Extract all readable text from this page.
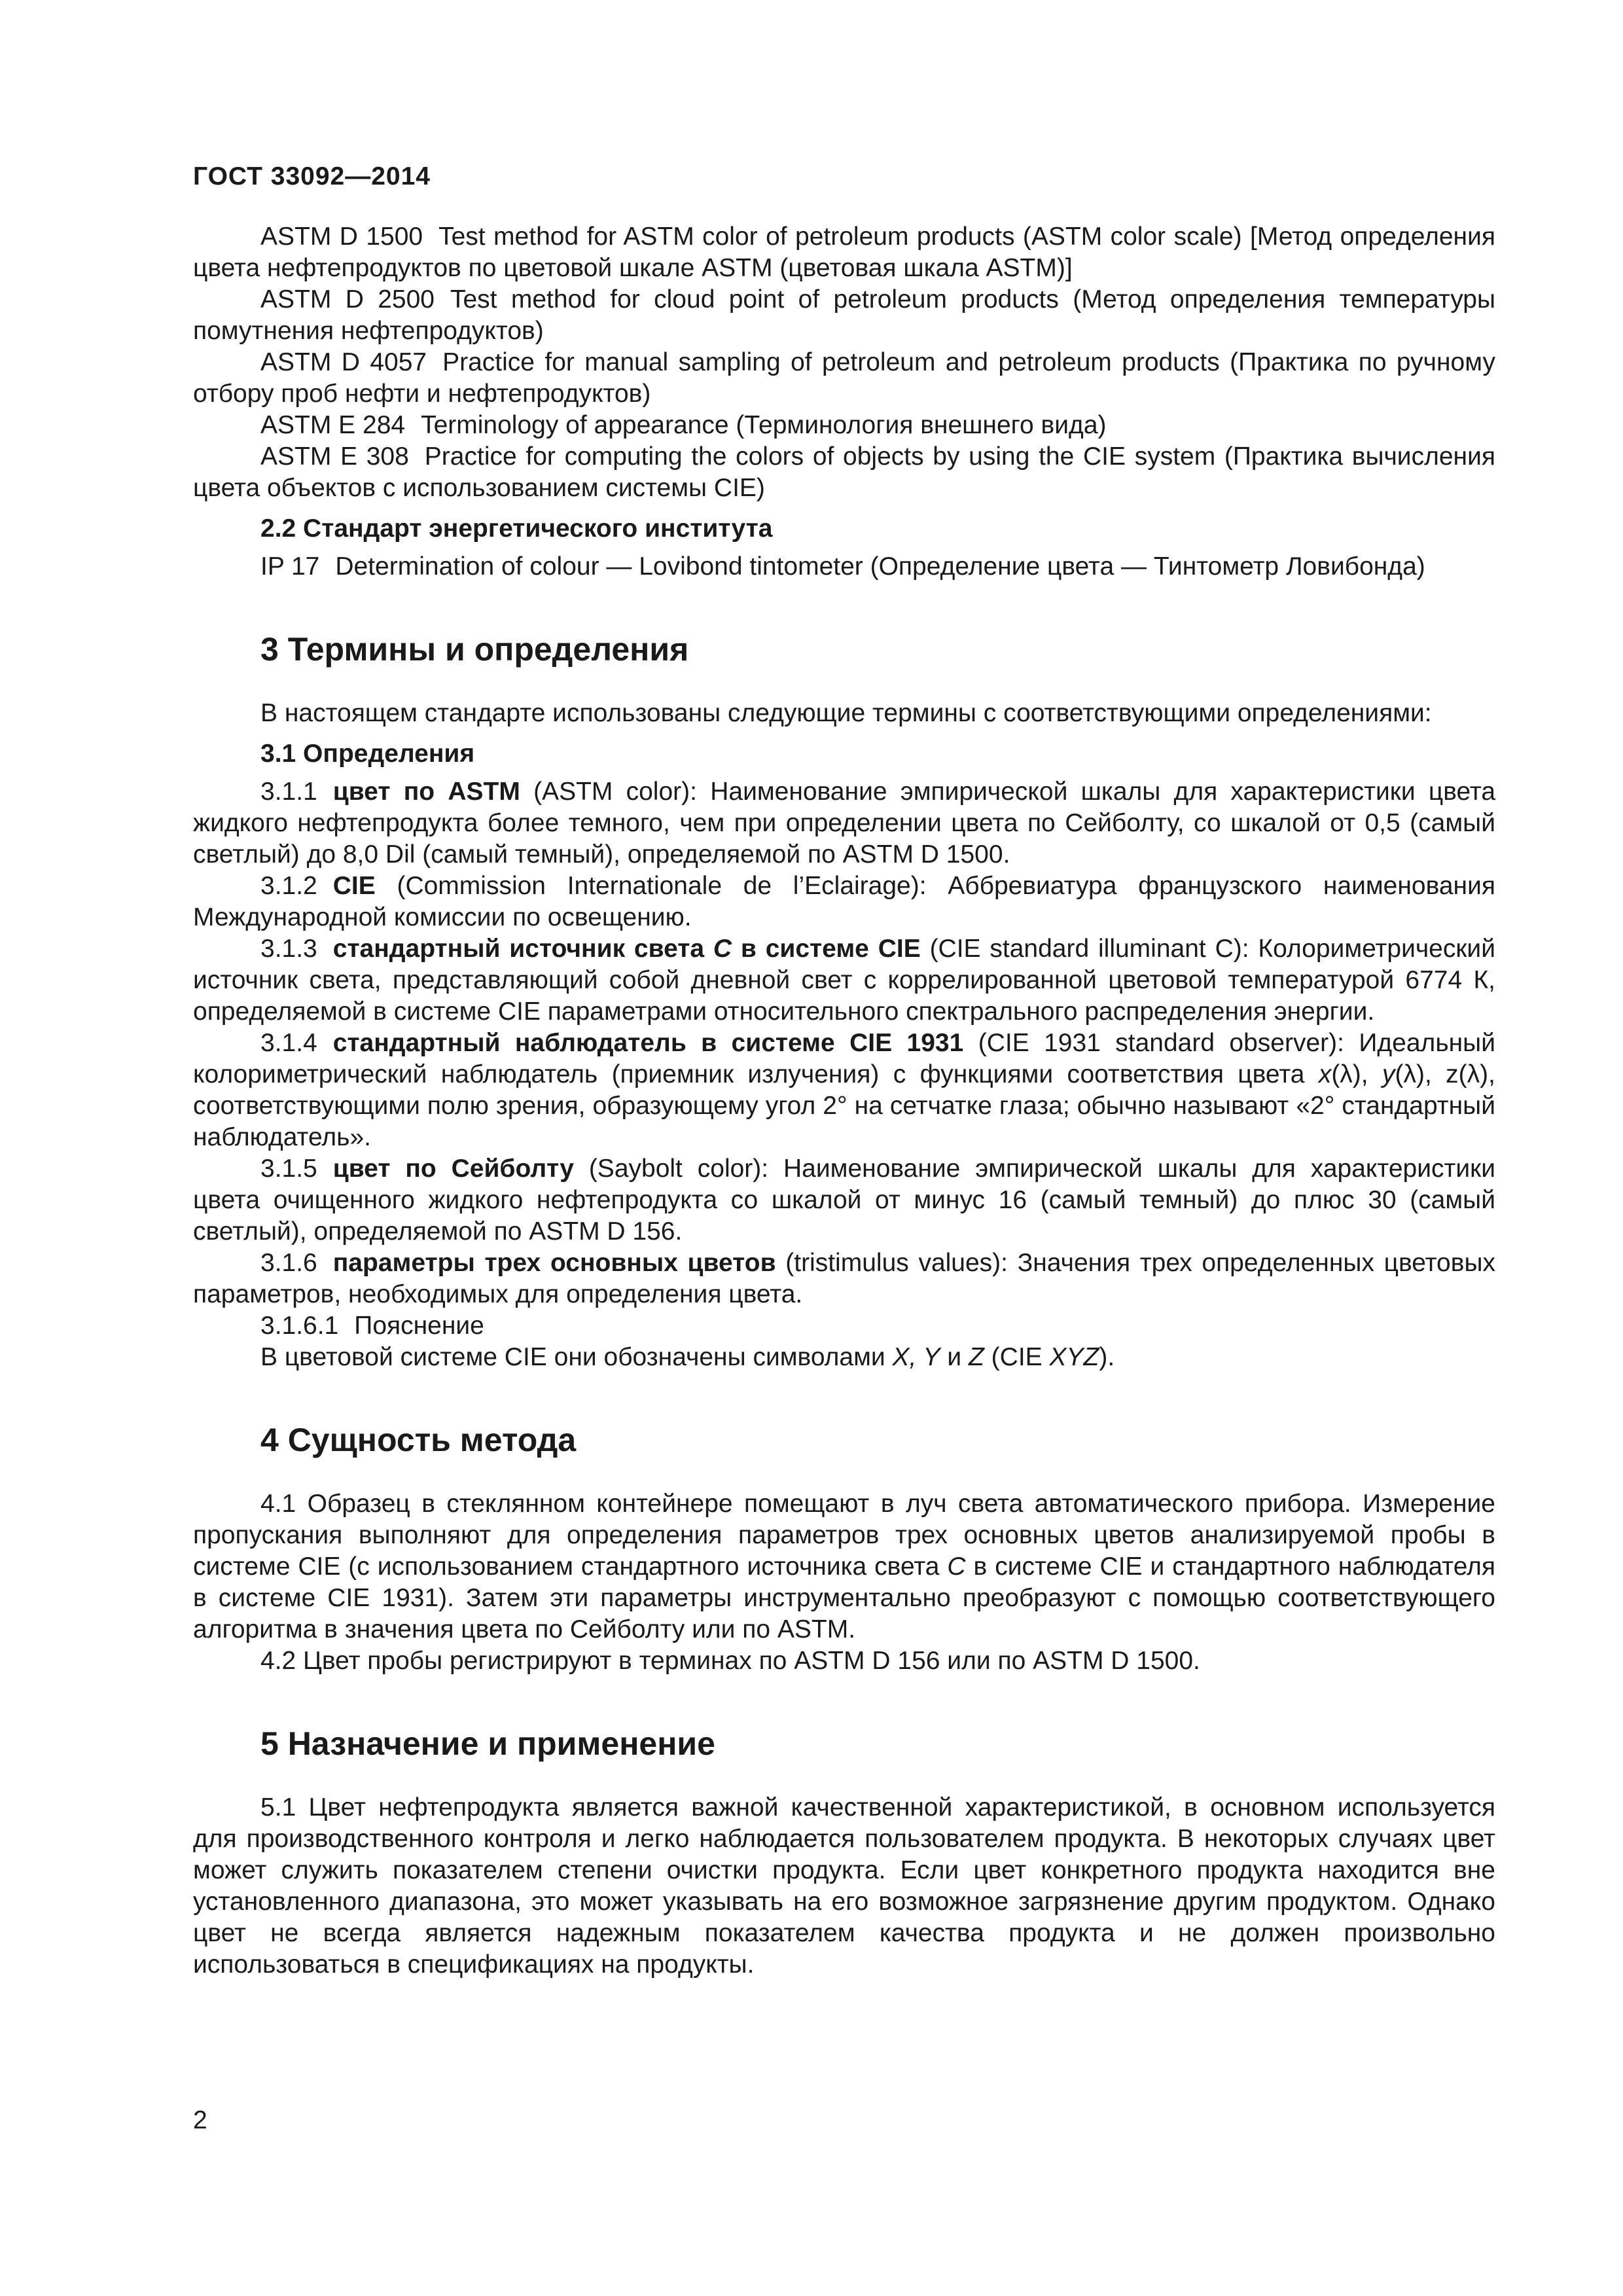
ГОСТ 33092—2014

ASTM D 1500 Test method for ASTM color of petroleum products (ASTM color scale) [Метод определения цвета нефтепродуктов по цветовой шкале ASTM (цветовая шкала ASTM)]

ASTM D 2500 Test method for cloud point of petroleum products (Метод определения температуры помутнения нефтепродуктов)

ASTM D 4057 Practice for manual sampling of petroleum and petroleum products (Практика по ручному отбору проб нефти и нефтепродуктов)

ASTM E 284 Terminology of appearance (Терминология внешнего вида)

ASTM E 308 Practice for computing the colors of objects by using the CIE system (Практика вычисления цвета объектов с использованием системы CIE)

2.2 Стандарт энергетического института

IP 17 Determination of colour — Lovibond tintometer (Определение цвета — Тинтометр Ловибонда)

3 Термины и определения

В настоящем стандарте использованы следующие термины с соответствующими определениями:

3.1 Определения

3.1.1 цвет по ASTM (ASTM color): Наименование эмпирической шкалы для характеристики цвета жидкого нефтепродукта более темного, чем при определении цвета по Сейболту, со шкалой от 0,5 (самый светлый) до 8,0 Dil (самый темный), определяемой по ASTM D 1500.

3.1.2 CIE (Commission Internationale de l’Eclairage): Аббревиатура французского наименования Международной комиссии по освещению.

3.1.3 стандартный источник света C в системе CIE (CIE standard illuminant C): Колориметрический источник света, представляющий собой дневной свет с коррелированной цветовой температурой 6774 К, определяемой в системе CIE параметрами относительного спектрального распределения энергии.

3.1.4 стандартный наблюдатель в системе CIE 1931 (CIE 1931 standard observer): Идеальный колориметрический наблюдатель (приемник излучения) с функциями соответствия цвета x(λ), y(λ), z(λ), соответствующими полю зрения, образующему угол 2° на сетчатке глаза; обычно называют «2° стандартный наблюдатель».

3.1.5 цвет по Сейболту (Saybolt color): Наименование эмпирической шкалы для характеристики цвета очищенного жидкого нефтепродукта со шкалой от минус 16 (самый темный) до плюс 30 (самый светлый), определяемой по ASTM D 156.

3.1.6 параметры трех основных цветов (tristimulus values): Значения трех определенных цветовых параметров, необходимых для определения цвета.

3.1.6.1 Пояснение

В цветовой системе CIE они обозначены символами X, Y и Z (CIE XYZ).

4 Сущность метода

4.1 Образец в стеклянном контейнере помещают в луч света автоматического прибора. Измерение пропускания выполняют для определения параметров трех основных цветов анализируемой пробы в системе CIE (с использованием стандартного источника света C в системе CIE и стандартного наблюдателя в системе CIE 1931). Затем эти параметры инструментально преобразуют с помощью соответствующего алгоритма в значения цвета по Сейболту или по ASTM.

4.2 Цвет пробы регистрируют в терминах по ASTM D 156 или по ASTM D 1500.

5 Назначение и применение

5.1 Цвет нефтепродукта является важной качественной характеристикой, в основном используется для производственного контроля и легко наблюдается пользователем продукта. В некоторых случаях цвет может служить показателем степени очистки продукта. Если цвет конкретного продукта находится вне установленного диапазона, это может указывать на его возможное загрязнение другим продуктом. Однако цвет не всегда является надежным показателем качества продукта и не должен произвольно использоваться в спецификациях на продукты.

2
